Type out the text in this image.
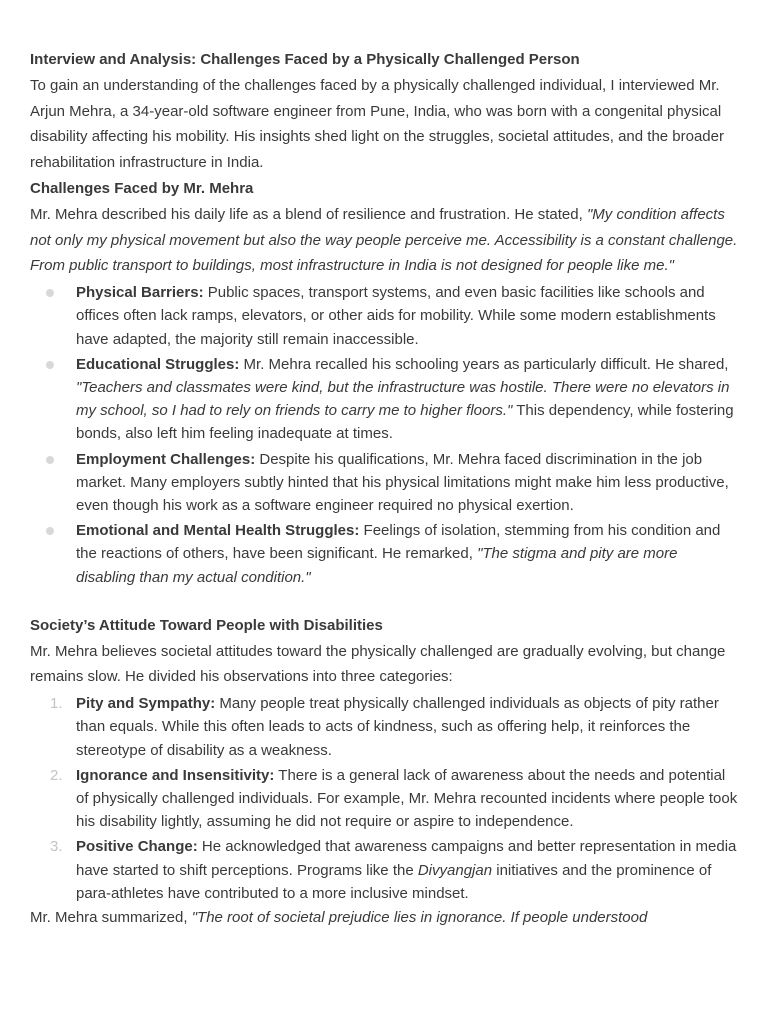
Interview and Analysis: Challenges Faced by a Physically Challenged Person

To gain an understanding of the challenges faced by a physically challenged individual, I interviewed Mr. Arjun Mehra, a 34-year-old software engineer from Pune, India, who was born with a congenital physical disability affecting his mobility. His insights shed light on the struggles, societal attitudes, and the broader rehabilitation infrastructure in India.

Challenges Faced by Mr. Mehra

Mr. Mehra described his daily life as a blend of resilience and frustration. He stated, "My condition affects not only my physical movement but also the way people perceive me. Accessibility is a constant challenge. From public transport to buildings, most infrastructure in India is not designed for people like me."

Physical Barriers: Public spaces, transport systems, and even basic facilities like schools and offices often lack ramps, elevators, or other aids for mobility. While some modern establishments have adapted, the majority still remain inaccessible.
Educational Struggles: Mr. Mehra recalled his schooling years as particularly difficult. He shared, "Teachers and classmates were kind, but the infrastructure was hostile. There were no elevators in my school, so I had to rely on friends to carry me to higher floors." This dependency, while fostering bonds, also left him feeling inadequate at times.
Employment Challenges: Despite his qualifications, Mr. Mehra faced discrimination in the job market. Many employers subtly hinted that his physical limitations might make him less productive, even though his work as a software engineer required no physical exertion.
Emotional and Mental Health Struggles: Feelings of isolation, stemming from his condition and the reactions of others, have been significant. He remarked, "The stigma and pity are more disabling than my actual condition."

Society’s Attitude Toward People with Disabilities

Mr. Mehra believes societal attitudes toward the physically challenged are gradually evolving, but change remains slow. He divided his observations into three categories:

1. Pity and Sympathy: Many people treat physically challenged individuals as objects of pity rather than equals. While this often leads to acts of kindness, such as offering help, it reinforces the stereotype of disability as a weakness.
2. Ignorance and Insensitivity: There is a general lack of awareness about the needs and potential of physically challenged individuals. For example, Mr. Mehra recounted incidents where people took his disability lightly, assuming he did not require or aspire to independence.
3. Positive Change: He acknowledged that awareness campaigns and better representation in media have started to shift perceptions. Programs like the Divyangjan initiatives and the prominence of para-athletes have contributed to a more inclusive mindset.

Mr. Mehra summarized, "The root of societal prejudice lies in ignorance. If people understood
